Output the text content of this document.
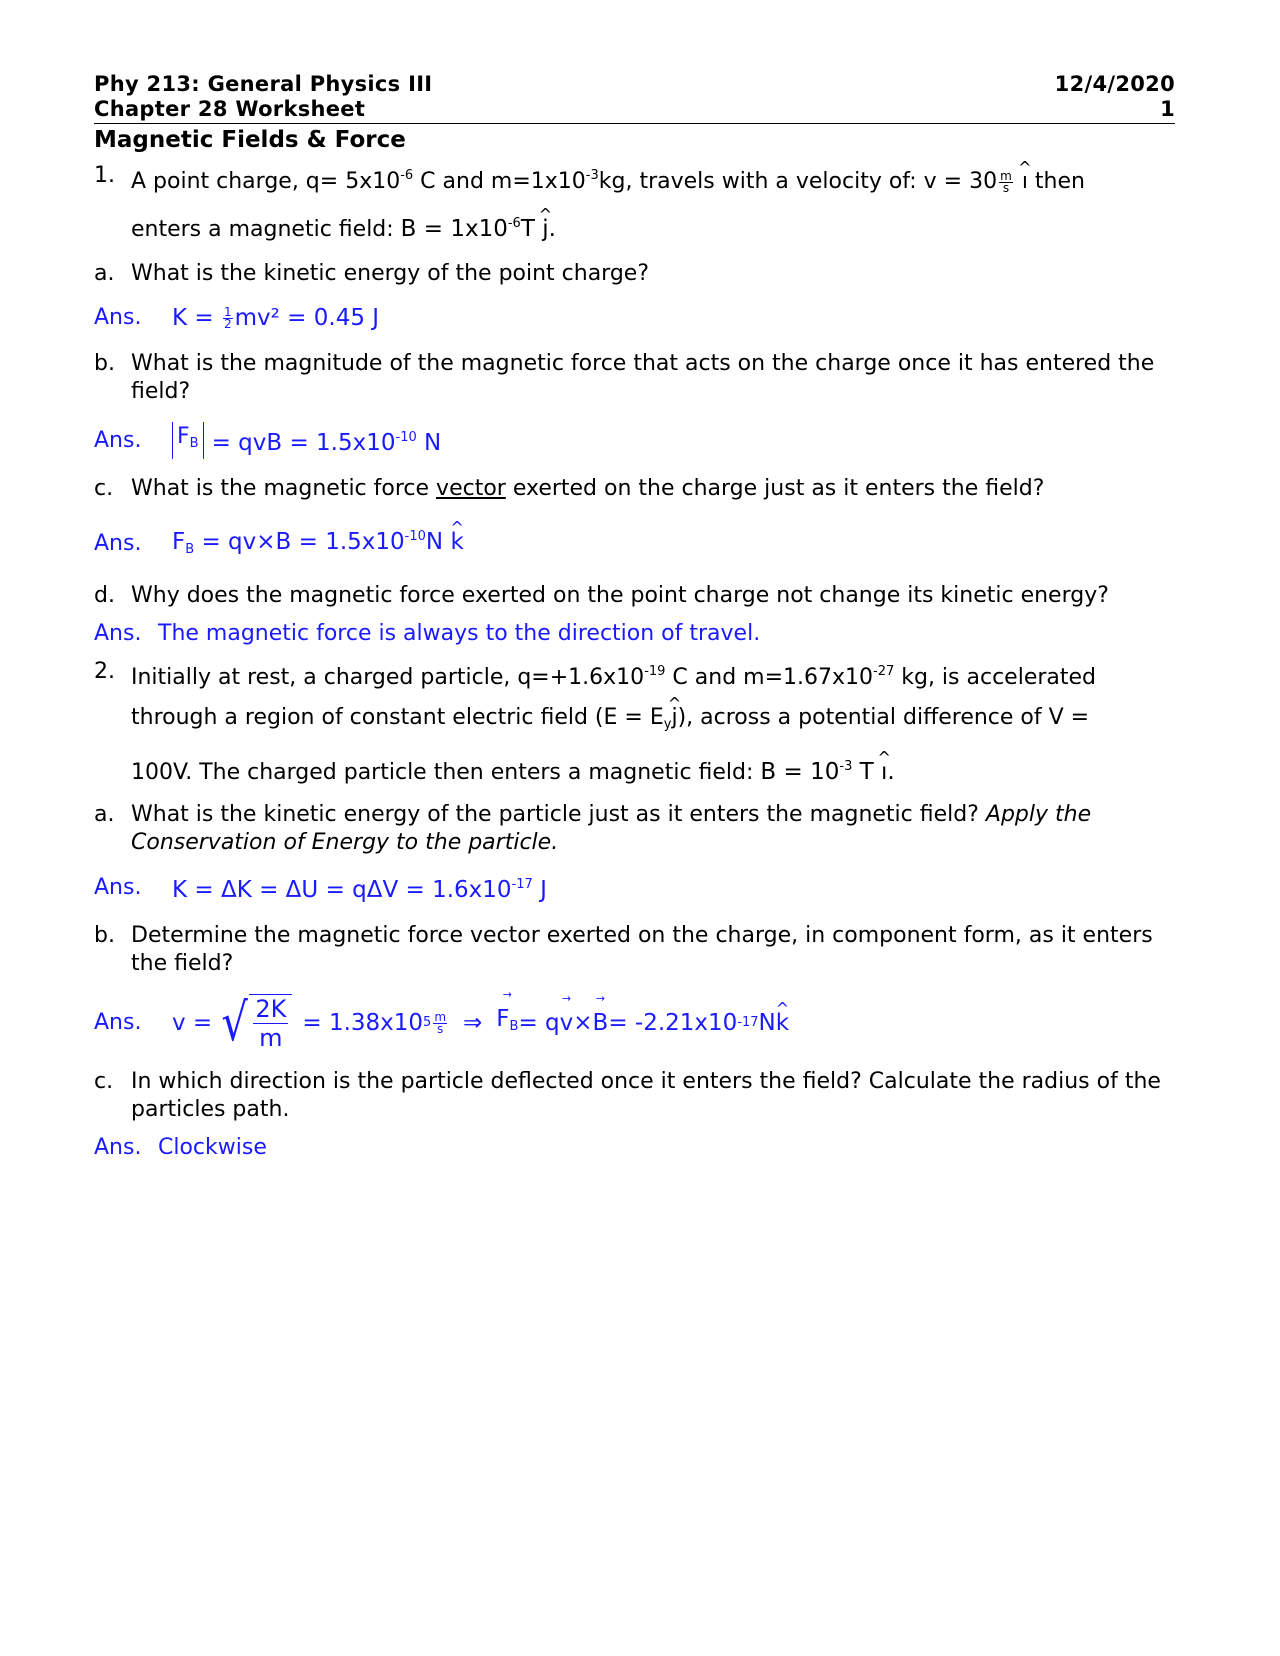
Phy 213: General Physics III	12/4/2020
Chapter 28 Worksheet	1
Magnetic Fields & Force
1. A point charge, $q= 5x10^{-6}$ C and $m=1x10^{-3}kg$, travels with a velocity of: $v = 30 \frac{m}{s}$
^ ı then
enters a magnetic field: $B = 1x10^{-6}T$ ^ j.
a. What is the kinetic energy of the point charge?
Ans.	$K = \frac{1}{2} mv^2 = 0.45$ J
b. What is the magnitude of the magnetic force that acts on the charge once it has entered the field?
Ans.	$F_B$ = qvB = $1.5x10^{-10}$ N
c. What is the magnetic force vector exerted on the charge just as it enters the field?
Ans.	$F_B = qv\times B = 1.5x10^{-10}N$ ^ k
d. Why does the magnetic force exerted on the point charge not change its kinetic energy?
Ans. The magnetic force is always to the direction of travel.
2. Initially at rest, a charged particle, $q=+1.6x10^{-19}$ C and $m=1.67x10^{-27}$ kg, is accelerated
through a region of constant electric field ($E = E_y\^{}$ j), across a potential difference of V =
100V. The charged particle then enters a magnetic field: $B = 10^{-3}$ T ^ ı.
a. What is the kinetic energy of the particle just as it enters the magnetic field? Apply the Conservation of Energy to the particle.
Ans.	$K = \Delta K = \Delta U = q\Delta V = 1.6x10^{-17}$ J
b. Determine the magnetic force vector exerted on the charge, in component form, as it enters the field?
Ans.	v = √ 2K
m
= 1.38x10 $5 \frac{m}{s}$ ⇒
→ $F_B = q$
→ v ×
→ B = -2.21x10 -17 N
^ k
c. In which direction is the particle deflected once it enters the field? Calculate the radius of the particles path.
Ans. Clockwise
